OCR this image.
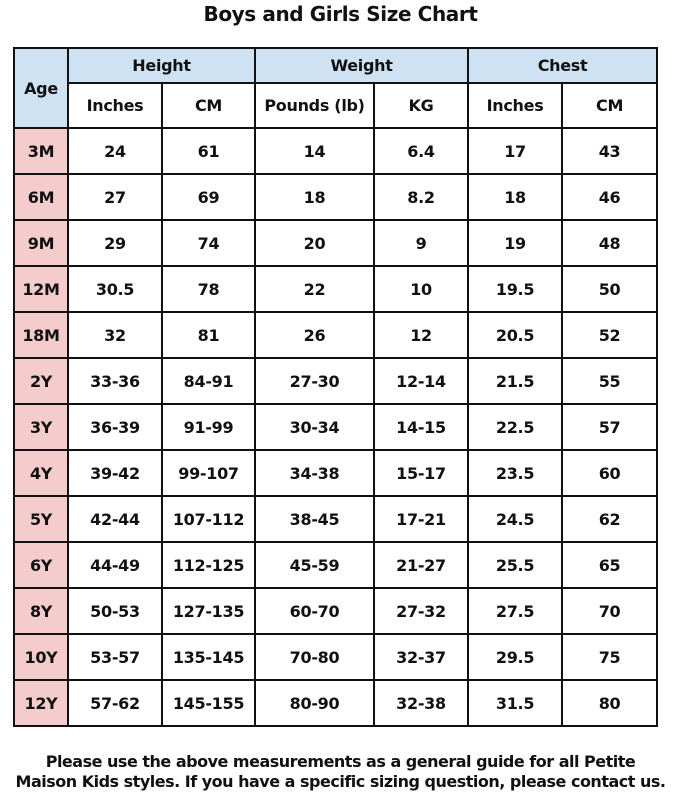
Boys and Girls Size Chart
Age	Height		Weight		Chest	
	Inches	CM	Pounds (lb)	KG	Inches	CM
3M	24	61	14	6.4	17	43
6M	27	69	18	8.2	18	46
9M	29	74	20	9	19	48
12M	30.5	78	22	10	19.5	50
18M	32	81	26	12	20.5	52
2Y	33-36	84-91	27-30	12-14	21.5	55
3Y	36-39	91-99	30-34	14-15	22.5	57
4Y	39-42	99-107	34-38	15-17	23.5	60
5Y	42-44	107-112	38-45	17-21	24.5	62
6Y	44-49	112-125	45-59	21-27	25.5	65
8Y	50-53	127-135	60-70	27-32	27.5	70
10Y	53-57	135-145	70-80	32-37	29.5	75
12Y	57-62	145-155	80-90	32-38	31.5	80
Please use the above measurements as a general guide for all Petite
Maison Kids styles. If you have a specific sizing question, please contact us.
